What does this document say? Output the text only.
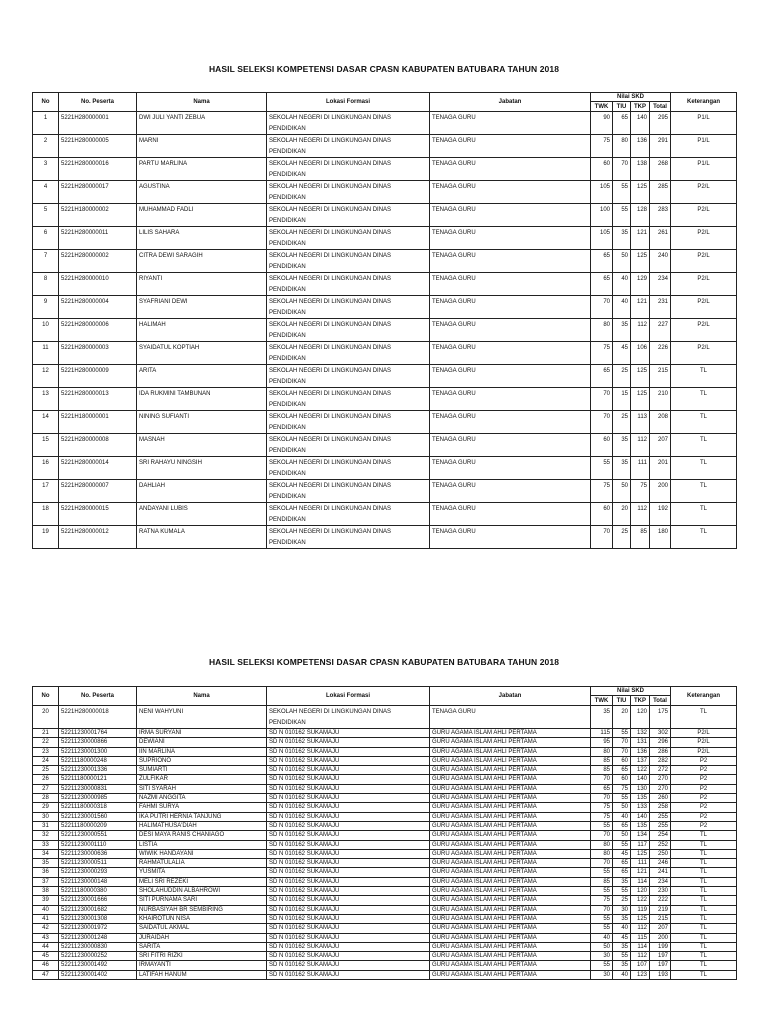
HASIL SELEKSI KOMPETENSI DASAR CPASN KABUPATEN BATUBARA TAHUN 2018
No	No. Peserta	Nama	Lokasi Formasi	Jabatan	Nilai SKD				Keterangan
					TWK	TIU	TKP	Total	
1	5221H280000001	DWI JULI YANTI ZEBUA	SEKOLAH NEGERI DI LINGKUNGAN DINAS PENDIDIKAN	TENAGA GURU	90	65	140	295	P1/L
2	5221H280000005	MARNI	SEKOLAH NEGERI DI LINGKUNGAN DINAS PENDIDIKAN	TENAGA GURU	75	80	136	291	P1/L
3	5221H280000016	PARTU MARLINA	SEKOLAH NEGERI DI LINGKUNGAN DINAS PENDIDIKAN	TENAGA GURU	60	70	138	268	P1/L
4	5221H280000017	AGUSTINA	SEKOLAH NEGERI DI LINGKUNGAN DINAS PENDIDIKAN	TENAGA GURU	105	55	125	285	P2/L
5	5221H180000002	MUHAMMAD FADLI	SEKOLAH NEGERI DI LINGKUNGAN DINAS PENDIDIKAN	TENAGA GURU	100	55	128	283	P2/L
6	5221H280000011	LILIS SAHARA	SEKOLAH NEGERI DI LINGKUNGAN DINAS PENDIDIKAN	TENAGA GURU	105	35	121	261	P2/L
7	5221H280000002	CITRA DEWI SARAGIH	SEKOLAH NEGERI DI LINGKUNGAN DINAS PENDIDIKAN	TENAGA GURU	65	50	125	240	P2/L
8	5221H280000010	RIYANTI	SEKOLAH NEGERI DI LINGKUNGAN DINAS PENDIDIKAN	TENAGA GURU	65	40	129	234	P2/L
9	5221H280000004	SYAFRIANI DEWI	SEKOLAH NEGERI DI LINGKUNGAN DINAS PENDIDIKAN	TENAGA GURU	70	40	121	231	P2/L
10	5221H280000006	HALIMAH	SEKOLAH NEGERI DI LINGKUNGAN DINAS PENDIDIKAN	TENAGA GURU	80	35	112	227	P2/L
11	5221H280000003	SYAIDATUL KOPTIAH	SEKOLAH NEGERI DI LINGKUNGAN DINAS PENDIDIKAN	TENAGA GURU	75	45	106	226	P2/L
12	5221H280000009	ARITA	SEKOLAH NEGERI DI LINGKUNGAN DINAS PENDIDIKAN	TENAGA GURU	65	25	125	215	TL
13	5221H280000013	IDA RUKMINI TAMBUNAN	SEKOLAH NEGERI DI LINGKUNGAN DINAS PENDIDIKAN	TENAGA GURU	70	15	125	210	TL
14	5221H180000001	NINING SUFIANTI	SEKOLAH NEGERI DI LINGKUNGAN DINAS PENDIDIKAN	TENAGA GURU	70	25	113	208	TL
15	5221H280000008	MASNAH	SEKOLAH NEGERI DI LINGKUNGAN DINAS PENDIDIKAN	TENAGA GURU	60	35	112	207	TL
16	5221H280000014	SRI RAHAYU NINGSIH	SEKOLAH NEGERI DI LINGKUNGAN DINAS PENDIDIKAN	TENAGA GURU	55	35	111	201	TL
17	5221H280000007	DAHLIAH	SEKOLAH NEGERI DI LINGKUNGAN DINAS PENDIDIKAN	TENAGA GURU	75	50	75	200	TL
18	5221H280000015	ANDAYANI LUBIS	SEKOLAH NEGERI DI LINGKUNGAN DINAS PENDIDIKAN	TENAGA GURU	60	20	112	192	TL
19	5221H280000012	RATNA KUMALA	SEKOLAH NEGERI DI LINGKUNGAN DINAS PENDIDIKAN	TENAGA GURU	70	25	85	180	TL
HASIL SELEKSI KOMPETENSI DASAR CPASN KABUPATEN BATUBARA TAHUN 2018
No	No. Peserta	Nama	Lokasi Formasi	Jabatan	Nilai SKD				Keterangan
					TWK	TIU	TKP	Total	
20	5221H280000018	NENI WAHYUNI	SEKOLAH NEGERI DI LINGKUNGAN DINAS PENDIDIKAN	TENAGA GURU	35	20	120	175	TL
21	52211230001764	IRMA SURYANI	SD N 010162 SUKAMAJU	GURU AGAMA ISLAM AHLI PERTAMA	115	55	132	302	P2/L
22	52211230000866	DEWIANI	SD N 010162 SUKAMAJU	GURU AGAMA ISLAM AHLI PERTAMA	95	70	131	296	P2/L
23	52211230001300	IIN MARLINA	SD N 010162 SUKAMAJU	GURU AGAMA ISLAM AHLI PERTAMA	80	70	136	286	P2/L
24	52211180000248	SUPRIONO	SD N 010162 SUKAMAJU	GURU AGAMA ISLAM AHLI PERTAMA	85	60	137	282	P2
25	52211230001336	SUMIARTI	SD N 010162 SUKAMAJU	GURU AGAMA ISLAM AHLI PERTAMA	85	65	122	272	P2
26	52211180000121	ZULFIKAR	SD N 010162 SUKAMAJU	GURU AGAMA ISLAM AHLI PERTAMA	70	60	140	270	P2
27	52211230000831	SITI SYARAH	SD N 010162 SUKAMAJU	GURU AGAMA ISLAM AHLI PERTAMA	65	75	130	270	P2
28	52211230000985	NAZMI ANGGITA	SD N 010162 SUKAMAJU	GURU AGAMA ISLAM AHLI PERTAMA	70	55	135	260	P2
29	52211180000318	FAHMI SURYA	SD N 010162 SUKAMAJU	GURU AGAMA ISLAM AHLI PERTAMA	75	50	133	258	P2
30	52211230001560	IKA PUTRI HERNIA TANJUNG	SD N 010162 SUKAMAJU	GURU AGAMA ISLAM AHLI PERTAMA	75	40	140	255	P2
31	52211180000209	HALIMATHUSA'DIAH	SD N 010162 SUKAMAJU	GURU AGAMA ISLAM AHLI PERTAMA	55	65	135	255	P2
32	52211230000551	DESI MAYA RANIS CHANIAGO	SD N 010162 SUKAMAJU	GURU AGAMA ISLAM AHLI PERTAMA	70	50	134	254	TL
33	52211230001110	LISTIA	SD N 010162 SUKAMAJU	GURU AGAMA ISLAM AHLI PERTAMA	80	55	117	252	TL
34	52211230000636	WIWIK HANDAYANI	SD N 010162 SUKAMAJU	GURU AGAMA ISLAM AHLI PERTAMA	80	45	125	250	TL
35	52211230000511	RAHMATULALIA	SD N 010162 SUKAMAJU	GURU AGAMA ISLAM AHLI PERTAMA	70	65	111	246	TL
36	52211230000293	YUSMITA	SD N 010162 SUKAMAJU	GURU AGAMA ISLAM AHLI PERTAMA	55	65	121	241	TL
37	52211230000148	MELI SRI REZEKI	SD N 010162 SUKAMAJU	GURU AGAMA ISLAM AHLI PERTAMA	85	35	114	234	TL
38	52211180000380	SHOLAHUDDIN ALBAHROWI	SD N 010162 SUKAMAJU	GURU AGAMA ISLAM AHLI PERTAMA	55	55	120	230	TL
39	52211230001666	SITI PURNAMA SARI	SD N 010162 SUKAMAJU	GURU AGAMA ISLAM AHLI PERTAMA	75	25	122	222	TL
40	52211230001682	NURBASIYAH BR SEMBIRING	SD N 010162 SUKAMAJU	GURU AGAMA ISLAM AHLI PERTAMA	70	30	119	219	TL
41	52211230001308	KHAIROTUN NISA	SD N 010162 SUKAMAJU	GURU AGAMA ISLAM AHLI PERTAMA	55	35	125	215	TL
42	52211230001972	SAIDATUL AKMAL	SD N 010162 SUKAMAJU	GURU AGAMA ISLAM AHLI PERTAMA	55	40	112	207	TL
43	52211230001248	JURAIDAH	SD N 010162 SUKAMAJU	GURU AGAMA ISLAM AHLI PERTAMA	40	45	115	200	TL
44	52211230000830	SARITA	SD N 010162 SUKAMAJU	GURU AGAMA ISLAM AHLI PERTAMA	50	35	114	199	TL
45	52211230000252	SRI FITRI RIZKI	SD N 010162 SUKAMAJU	GURU AGAMA ISLAM AHLI PERTAMA	30	55	112	197	TL
46	52211230001492	IRMAYANTI	SD N 010162 SUKAMAJU	GURU AGAMA ISLAM AHLI PERTAMA	55	35	107	197	TL
47	52211230001402	LATIFAH HANUM	SD N 010162 SUKAMAJU	GURU AGAMA ISLAM AHLI PERTAMA	30	40	123	193	TL
